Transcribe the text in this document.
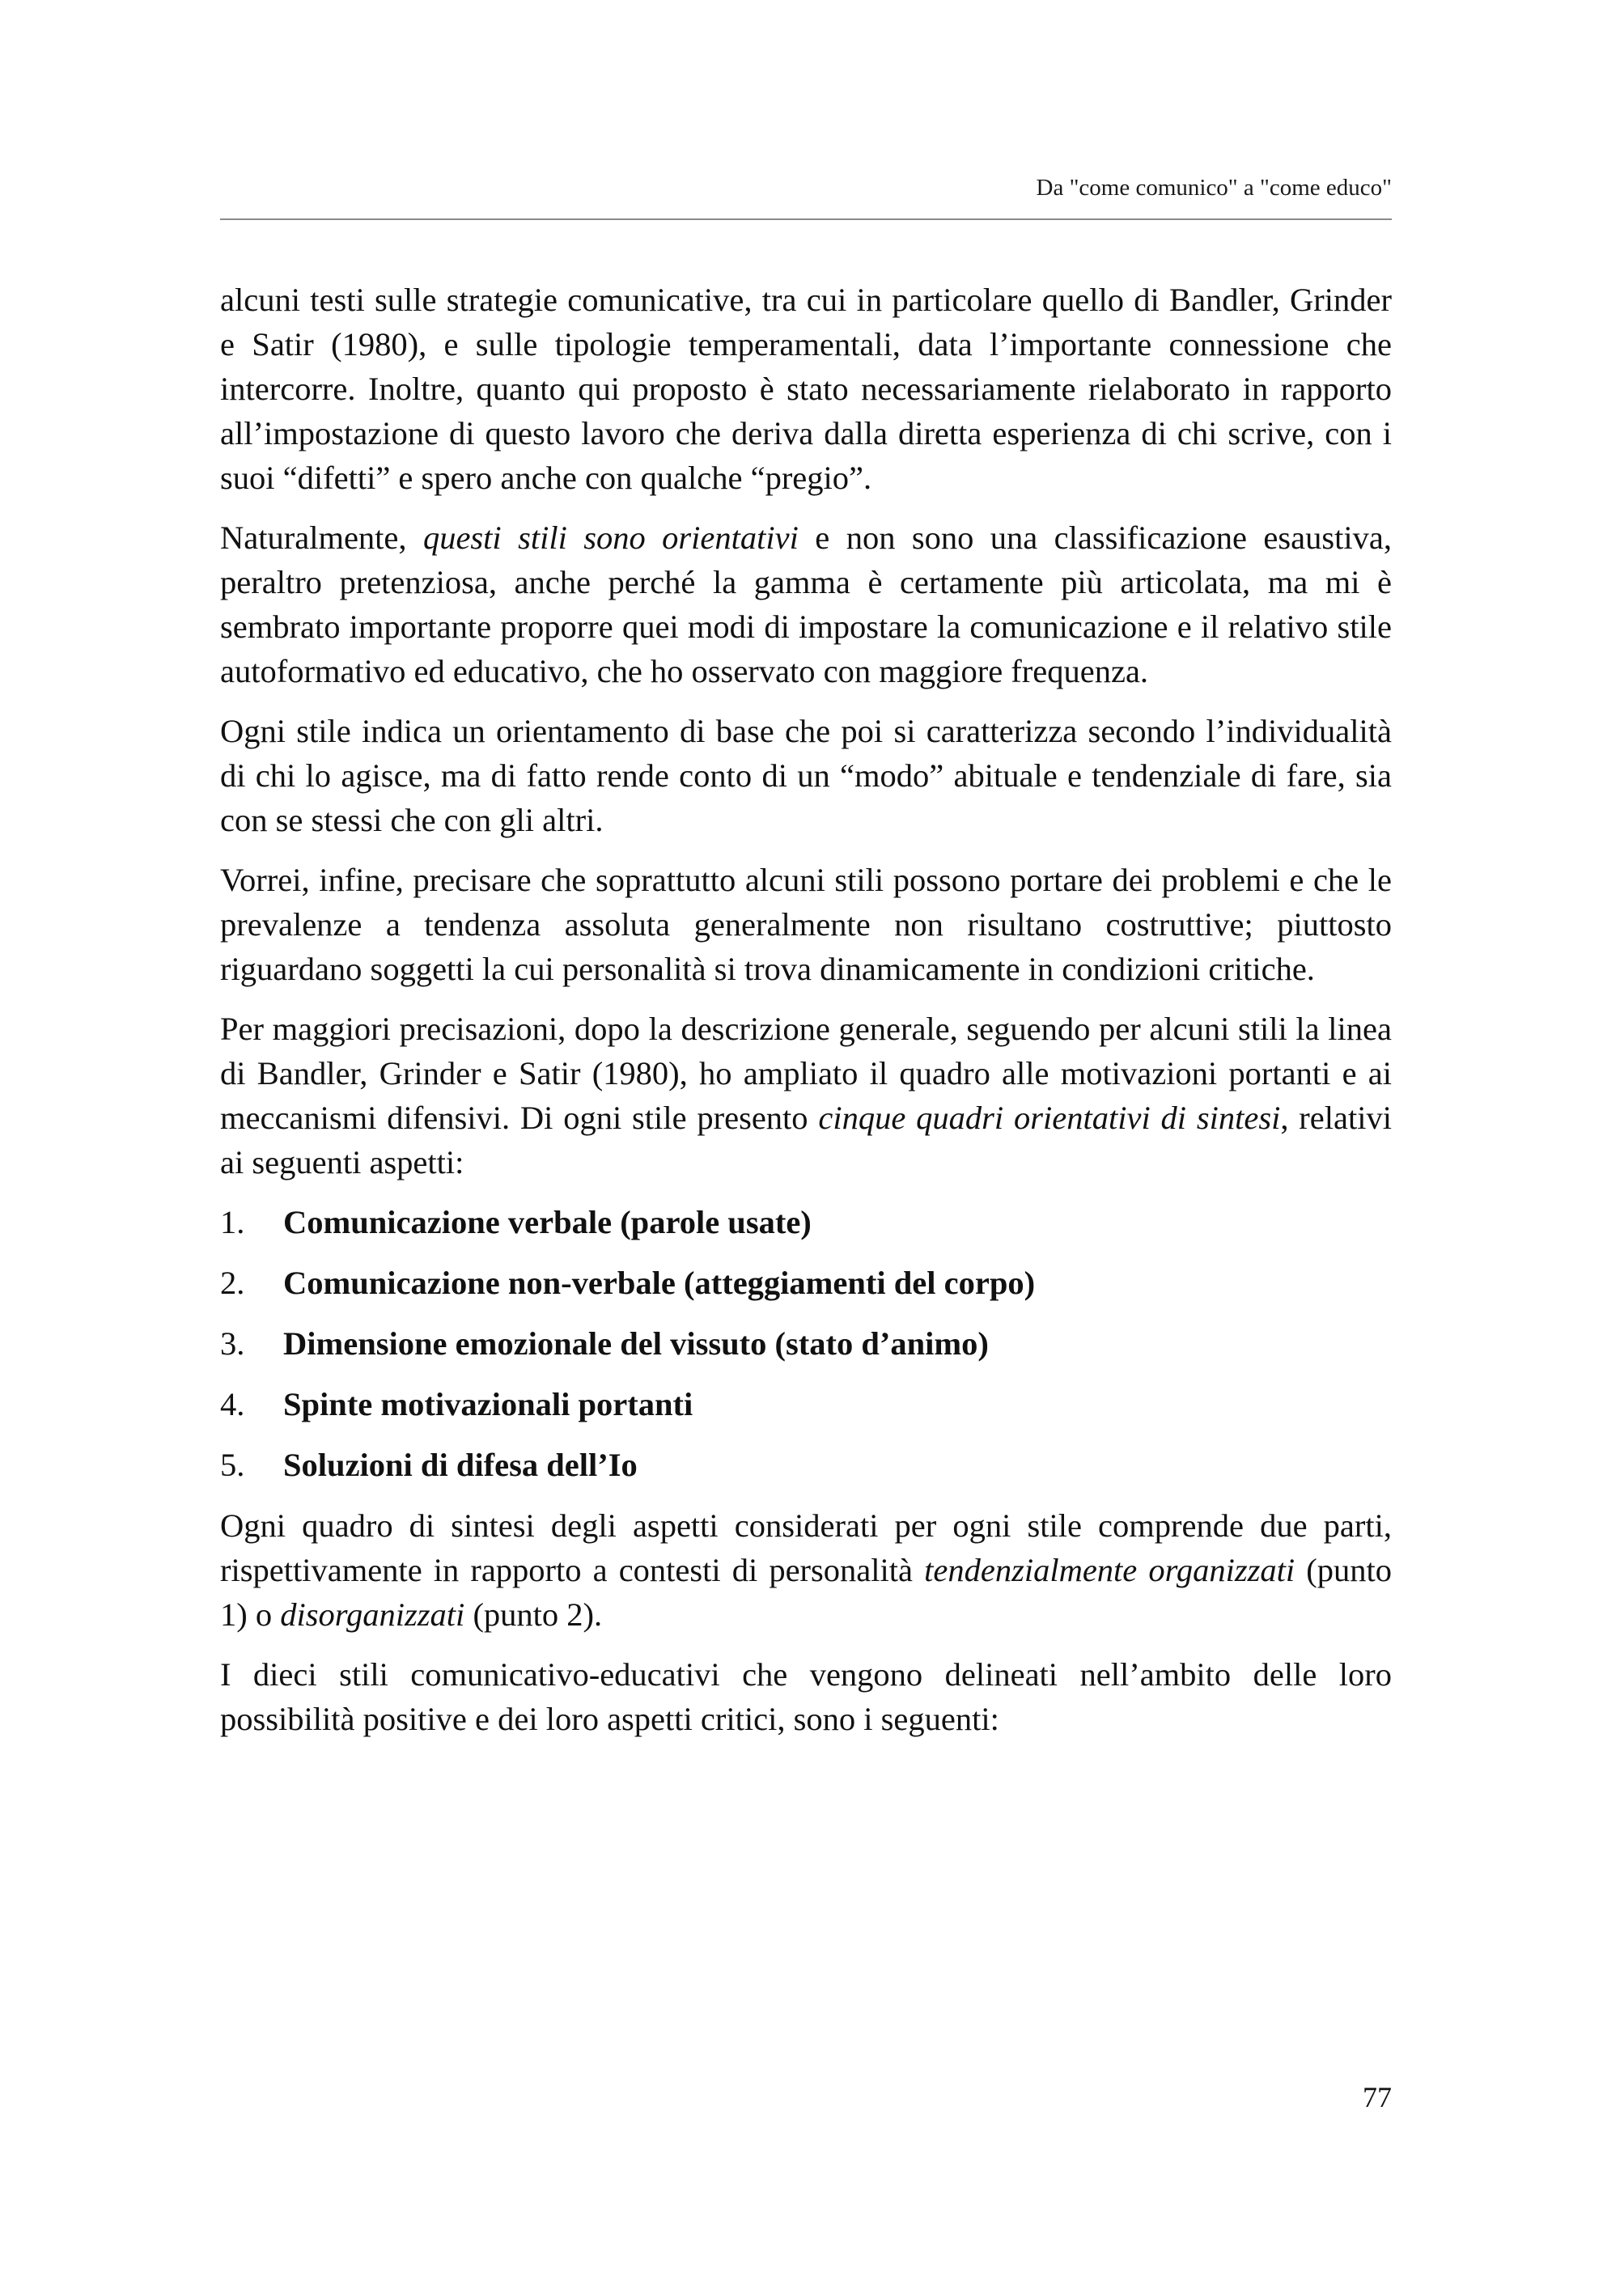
Da "come comunico" a "come educo"

alcuni testi sulle strategie comunicative, tra cui in particolare quello di Bandler, Grinder e Satir (1980), e sulle tipologie temperamentali, data l’importante connessione che intercorre. Inoltre, quanto qui proposto è stato necessariamente rielaborato in rapporto all’impostazione di questo lavoro che deriva dalla diretta esperienza di chi scrive, con i suoi “difetti” e spero anche con qualche “pregio”.

Naturalmente, questi stili sono orientativi e non sono una classificazione esaustiva, peraltro pretenziosa, anche perché la gamma è certamente più articolata, ma mi è sembrato importante proporre quei modi di impostare la comunicazione e il relativo stile autoformativo ed educativo, che ho osservato con maggiore frequenza.

Ogni stile indica un orientamento di base che poi si caratterizza secondo l’individualità di chi lo agisce, ma di fatto rende conto di un “modo” abituale e tendenziale di fare, sia con se stessi che con gli altri.

Vorrei, infine, precisare che soprattutto alcuni stili possono portare dei problemi e che le prevalenze a tendenza assoluta generalmente non risultano costruttive; piuttosto riguardano soggetti la cui personalità si trova dinamicamente in condizioni critiche.

Per maggiori precisazioni, dopo la descrizione generale, seguendo per alcuni stili la linea di Bandler, Grinder e Satir (1980), ho ampliato il quadro alle motivazioni portanti e ai meccanismi difensivi. Di ogni stile presento cinque quadri orientativi di sintesi, relativi ai seguenti aspetti:

1.	Comunicazione verbale (parole usate)
2.	Comunicazione non-verbale (atteggiamenti del corpo)
3.	Dimensione emozionale del vissuto (stato d’animo)
4.	Spinte motivazionali portanti
5.	Soluzioni di difesa dell’Io

Ogni quadro di sintesi degli aspetti considerati per ogni stile comprende due parti, rispettivamente in rapporto a contesti di personalità tendenzialmente organizzati (punto 1) o disorganizzati (punto 2).

I dieci stili comunicativo-educativi che vengono delineati nell’ambito delle loro possibilità positive e dei loro aspetti critici, sono i seguenti:

77
